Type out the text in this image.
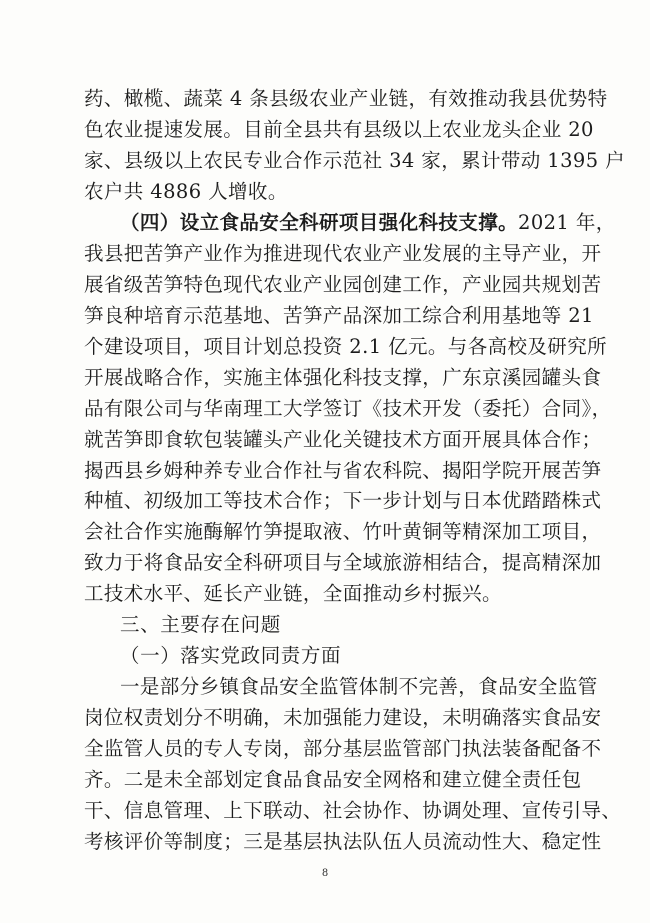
药、橄榄、蔬菜 4 条县级农业产业链，有效推动我县优势特
色农业提速发展。目前全县共有县级以上农业龙头企业 20
家、县级以上农民专业合作示范社 34 家，累计带动 1395 户
农户共 4886 人增收。
（四）设立食品安全科研项目强化科技支撑。2021 年，
我县把苦笋产业作为推进现代农业产业发展的主导产业，开
展省级苦笋特色现代农业产业园创建工作，产业园共规划苦
笋良种培育示范基地、苦笋产品深加工综合利用基地等 21
个建设项目，项目计划总投资 2.1 亿元。与各高校及研究所
开展战略合作，实施主体强化科技支撑，广东京溪园罐头食
品有限公司与华南理工大学签订《技术开发（委托）合同》，
就苦笋即食软包装罐头产业化关键技术方面开展具体合作；
揭西县乡姆种养专业合作社与省农科院、揭阳学院开展苦笋
种植、初级加工等技术合作；下一步计划与日本优踏踏株式
会社合作实施酶解竹笋提取液、竹叶黄铜等精深加工项目，
致力于将食品安全科研项目与全域旅游相结合，提高精深加
工技术水平、延长产业链，全面推动乡村振兴。
三、主要存在问题
（一）落实党政同责方面
一是部分乡镇食品安全监管体制不完善，食品安全监管
岗位权责划分不明确，未加强能力建设，未明确落实食品安
全监管人员的专人专岗，部分基层监管部门执法装备配备不
齐。二是未全部划定食品食品安全网格和建立健全责任包
干、信息管理、上下联动、社会协作、协调处理、宣传引导、
考核评价等制度；三是基层执法队伍人员流动性大、稳定性
8
